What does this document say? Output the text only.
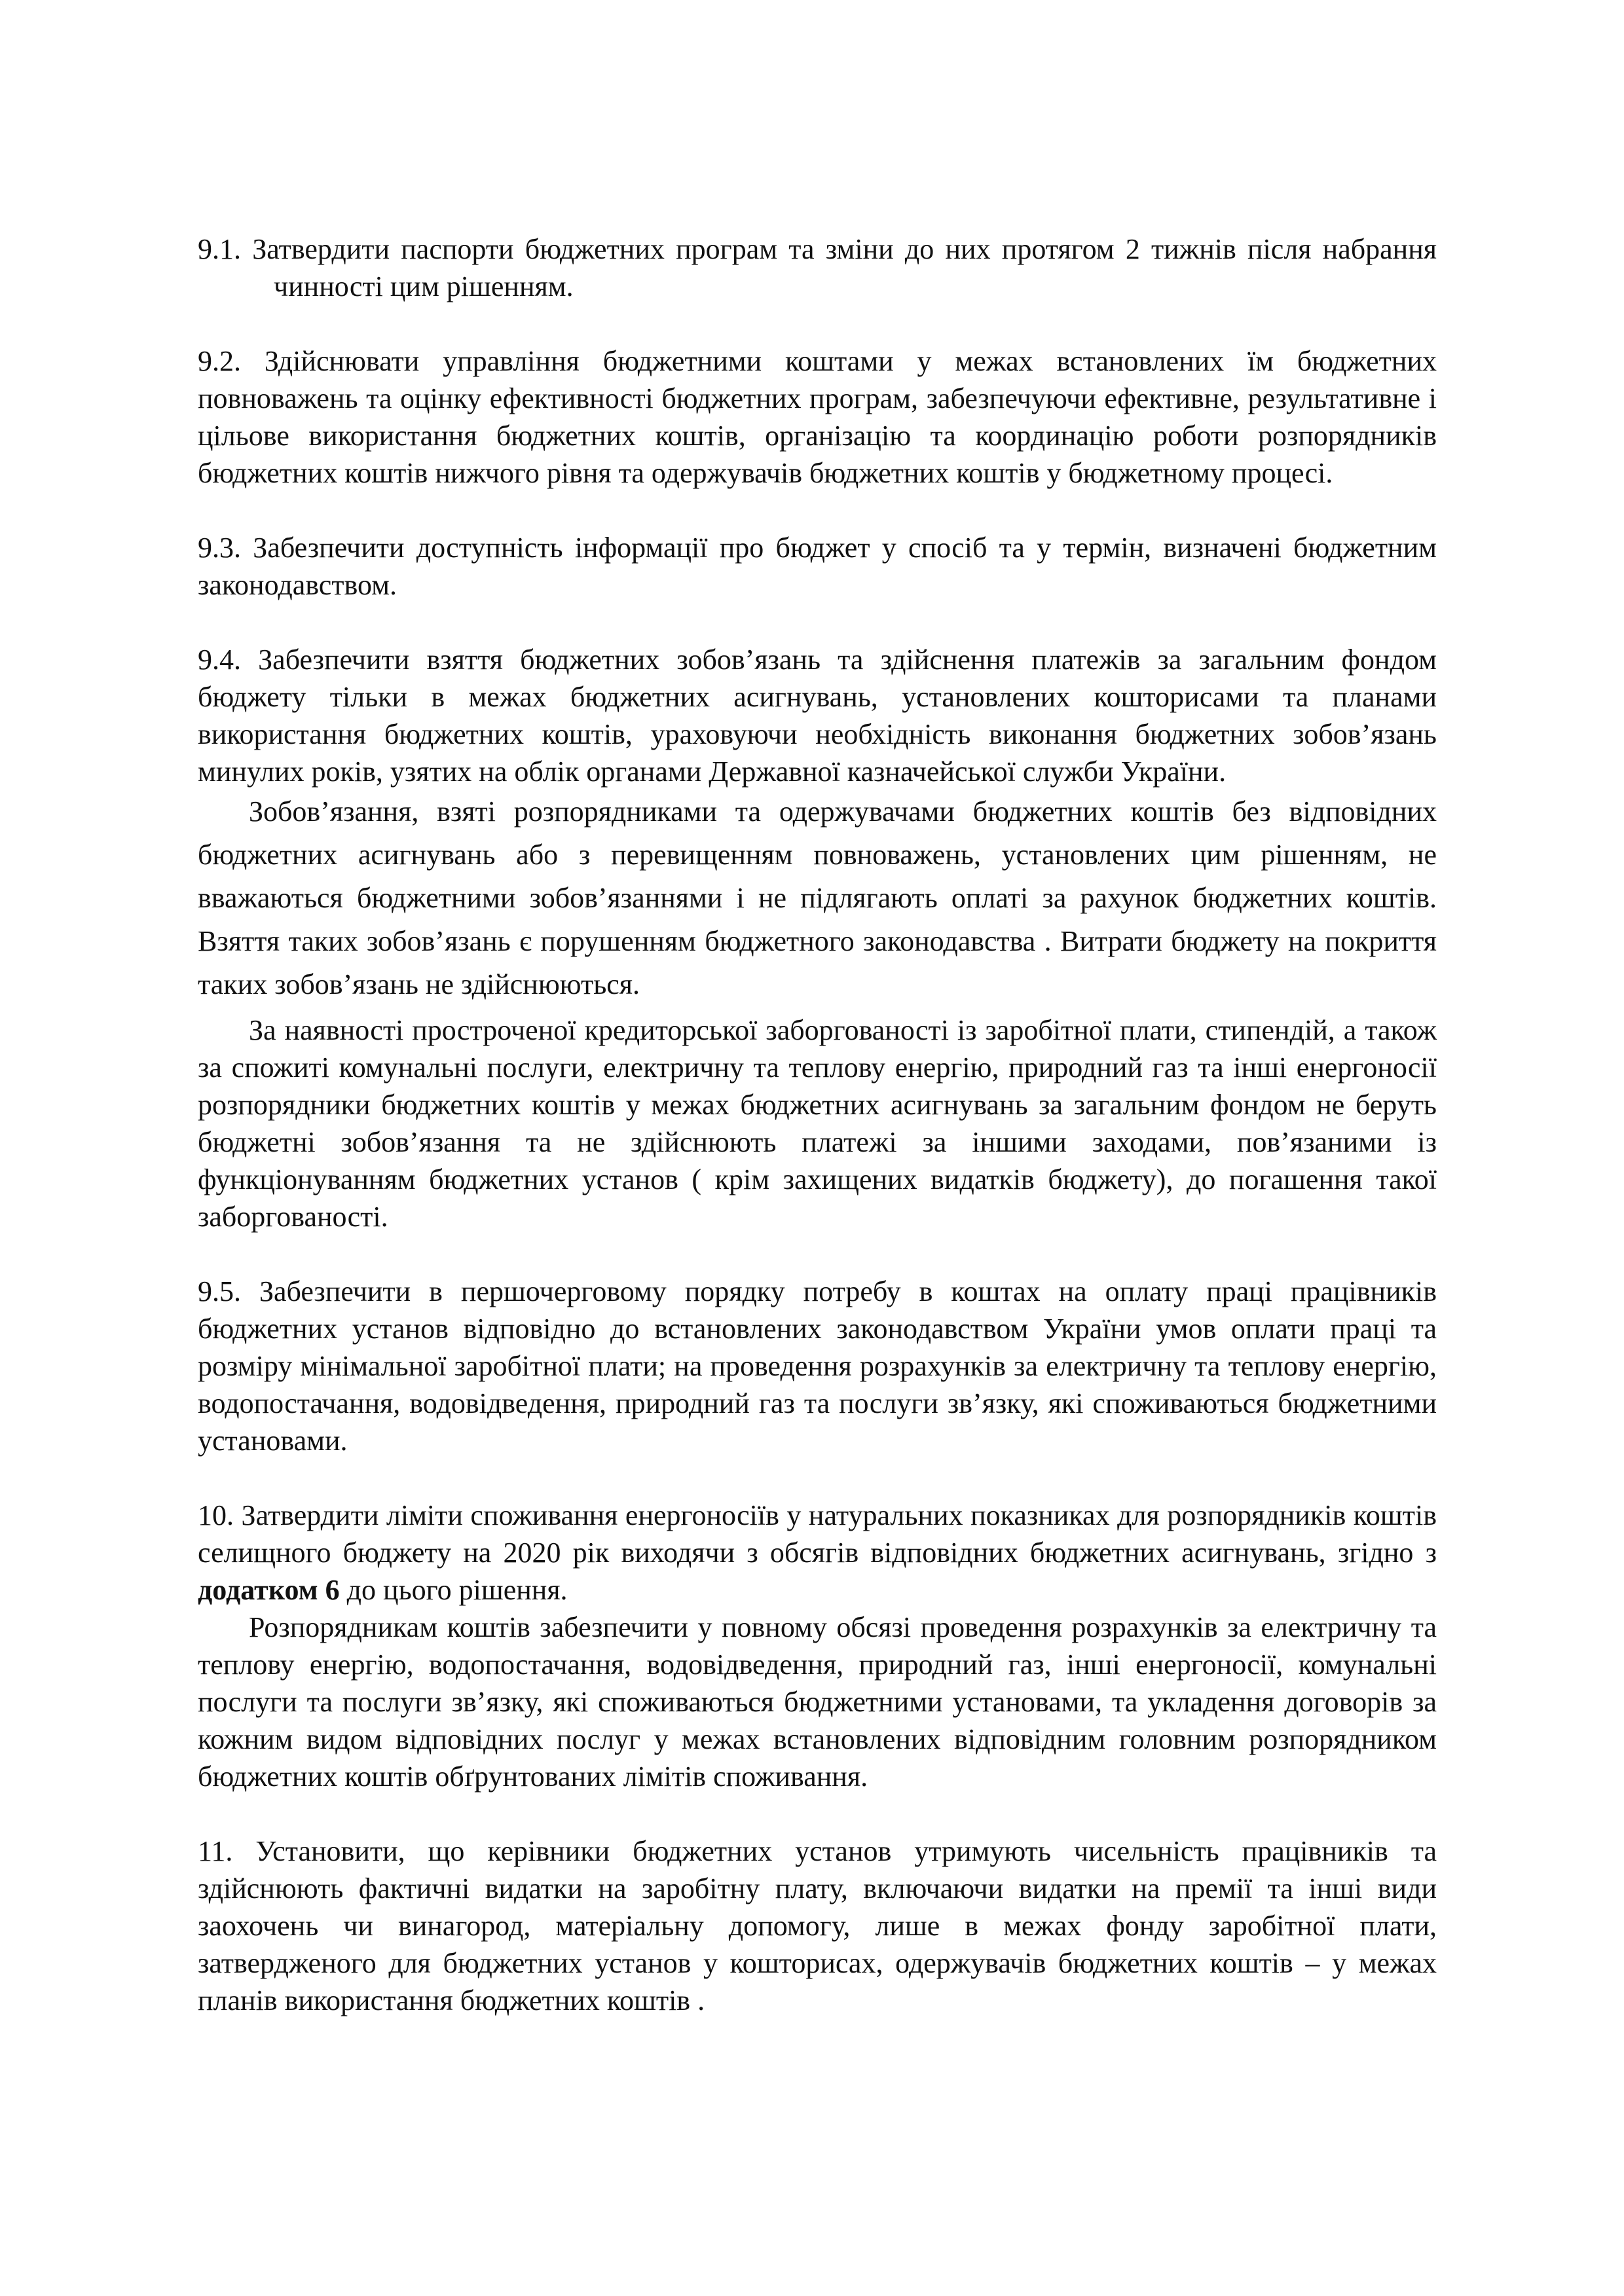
9.1. Затвердити паспорти бюджетних програм та зміни до них протягом 2 тижнів після набрання чинності цим рішенням.

9.2. Здійснювати управління бюджетними коштами у межах встановлених їм бюджетних повноважень та оцінку ефективності бюджетних програм, забезпечуючи ефективне, результативне і цільове використання бюджетних коштів, організацію та координацію роботи розпорядників бюджетних коштів нижчого рівня та одержувачів бюджетних коштів у бюджетному процесі.

9.3. Забезпечити доступність інформації про бюджет у спосіб та у термін, визначені бюджетним законодавством.

9.4. Забезпечити взяття бюджетних зобов’язань та здійснення платежів за загальним фондом бюджету тільки в межах бюджетних асигнувань, установлених кошторисами та планами використання бюджетних коштів, ураховуючи необхідність виконання бюджетних зобов’язань минулих років, узятих на облік органами Державної казначейської служби України.

Зобов’язання, взяті розпорядниками та одержувачами бюджетних коштів без відповідних бюджетних асигнувань або з перевищенням повноважень, установлених цим рішенням, не вважаються бюджетними зобов’язаннями і не підлягають оплаті за рахунок бюджетних коштів. Взяття таких зобов’язань є порушенням бюджетного законодавства . Витрати бюджету на покриття таких зобов’язань не здійснюються.

За наявності простроченої кредиторської заборгованості із заробітної плати, стипендій, а також за спожиті комунальні послуги, електричну та теплову енергію, природний газ та інші енергоносії розпорядники бюджетних коштів у межах бюджетних асигнувань за загальним фондом не беруть бюджетні зобов’язання та не здійснюють платежі за іншими заходами, пов’язаними із функціонуванням бюджетних установ ( крім захищених видатків бюджету), до погашення такої заборгованості.

9.5. Забезпечити в першочерговому порядку потребу в коштах на оплату праці працівників бюджетних установ відповідно до встановлених законодавством України умов оплати праці та розміру мінімальної заробітної плати; на проведення розрахунків за електричну та теплову енергію, водопостачання, водовідведення, природний газ та послуги зв’язку, які споживаються бюджетними установами.

10. Затвердити ліміти споживання енергоносіїв у натуральних показниках для розпорядників коштів селищного бюджету на 2020 рік виходячи з обсягів відповідних бюджетних асигнувань, згідно з додатком 6 до цього рішення.

Розпорядникам коштів забезпечити у повному обсязі проведення розрахунків за електричну та теплову енергію, водопостачання, водовідведення, природний газ, інші енергоносії, комунальні послуги та послуги зв’язку, які споживаються бюджетними установами, та укладення договорів за кожним видом відповідних послуг у межах встановлених відповідним головним розпорядником бюджетних коштів обґрунтованих лімітів споживання.

11. Установити, що керівники бюджетних установ утримують чисельність працівників та здійснюють фактичні видатки на заробітну плату, включаючи видатки на премії та інші види заохочень чи винагород, матеріальну допомогу, лише в межах фонду заробітної плати, затвердженого для бюджетних установ у кошторисах, одержувачів бюджетних коштів – у межах планів використання бюджетних коштів .
